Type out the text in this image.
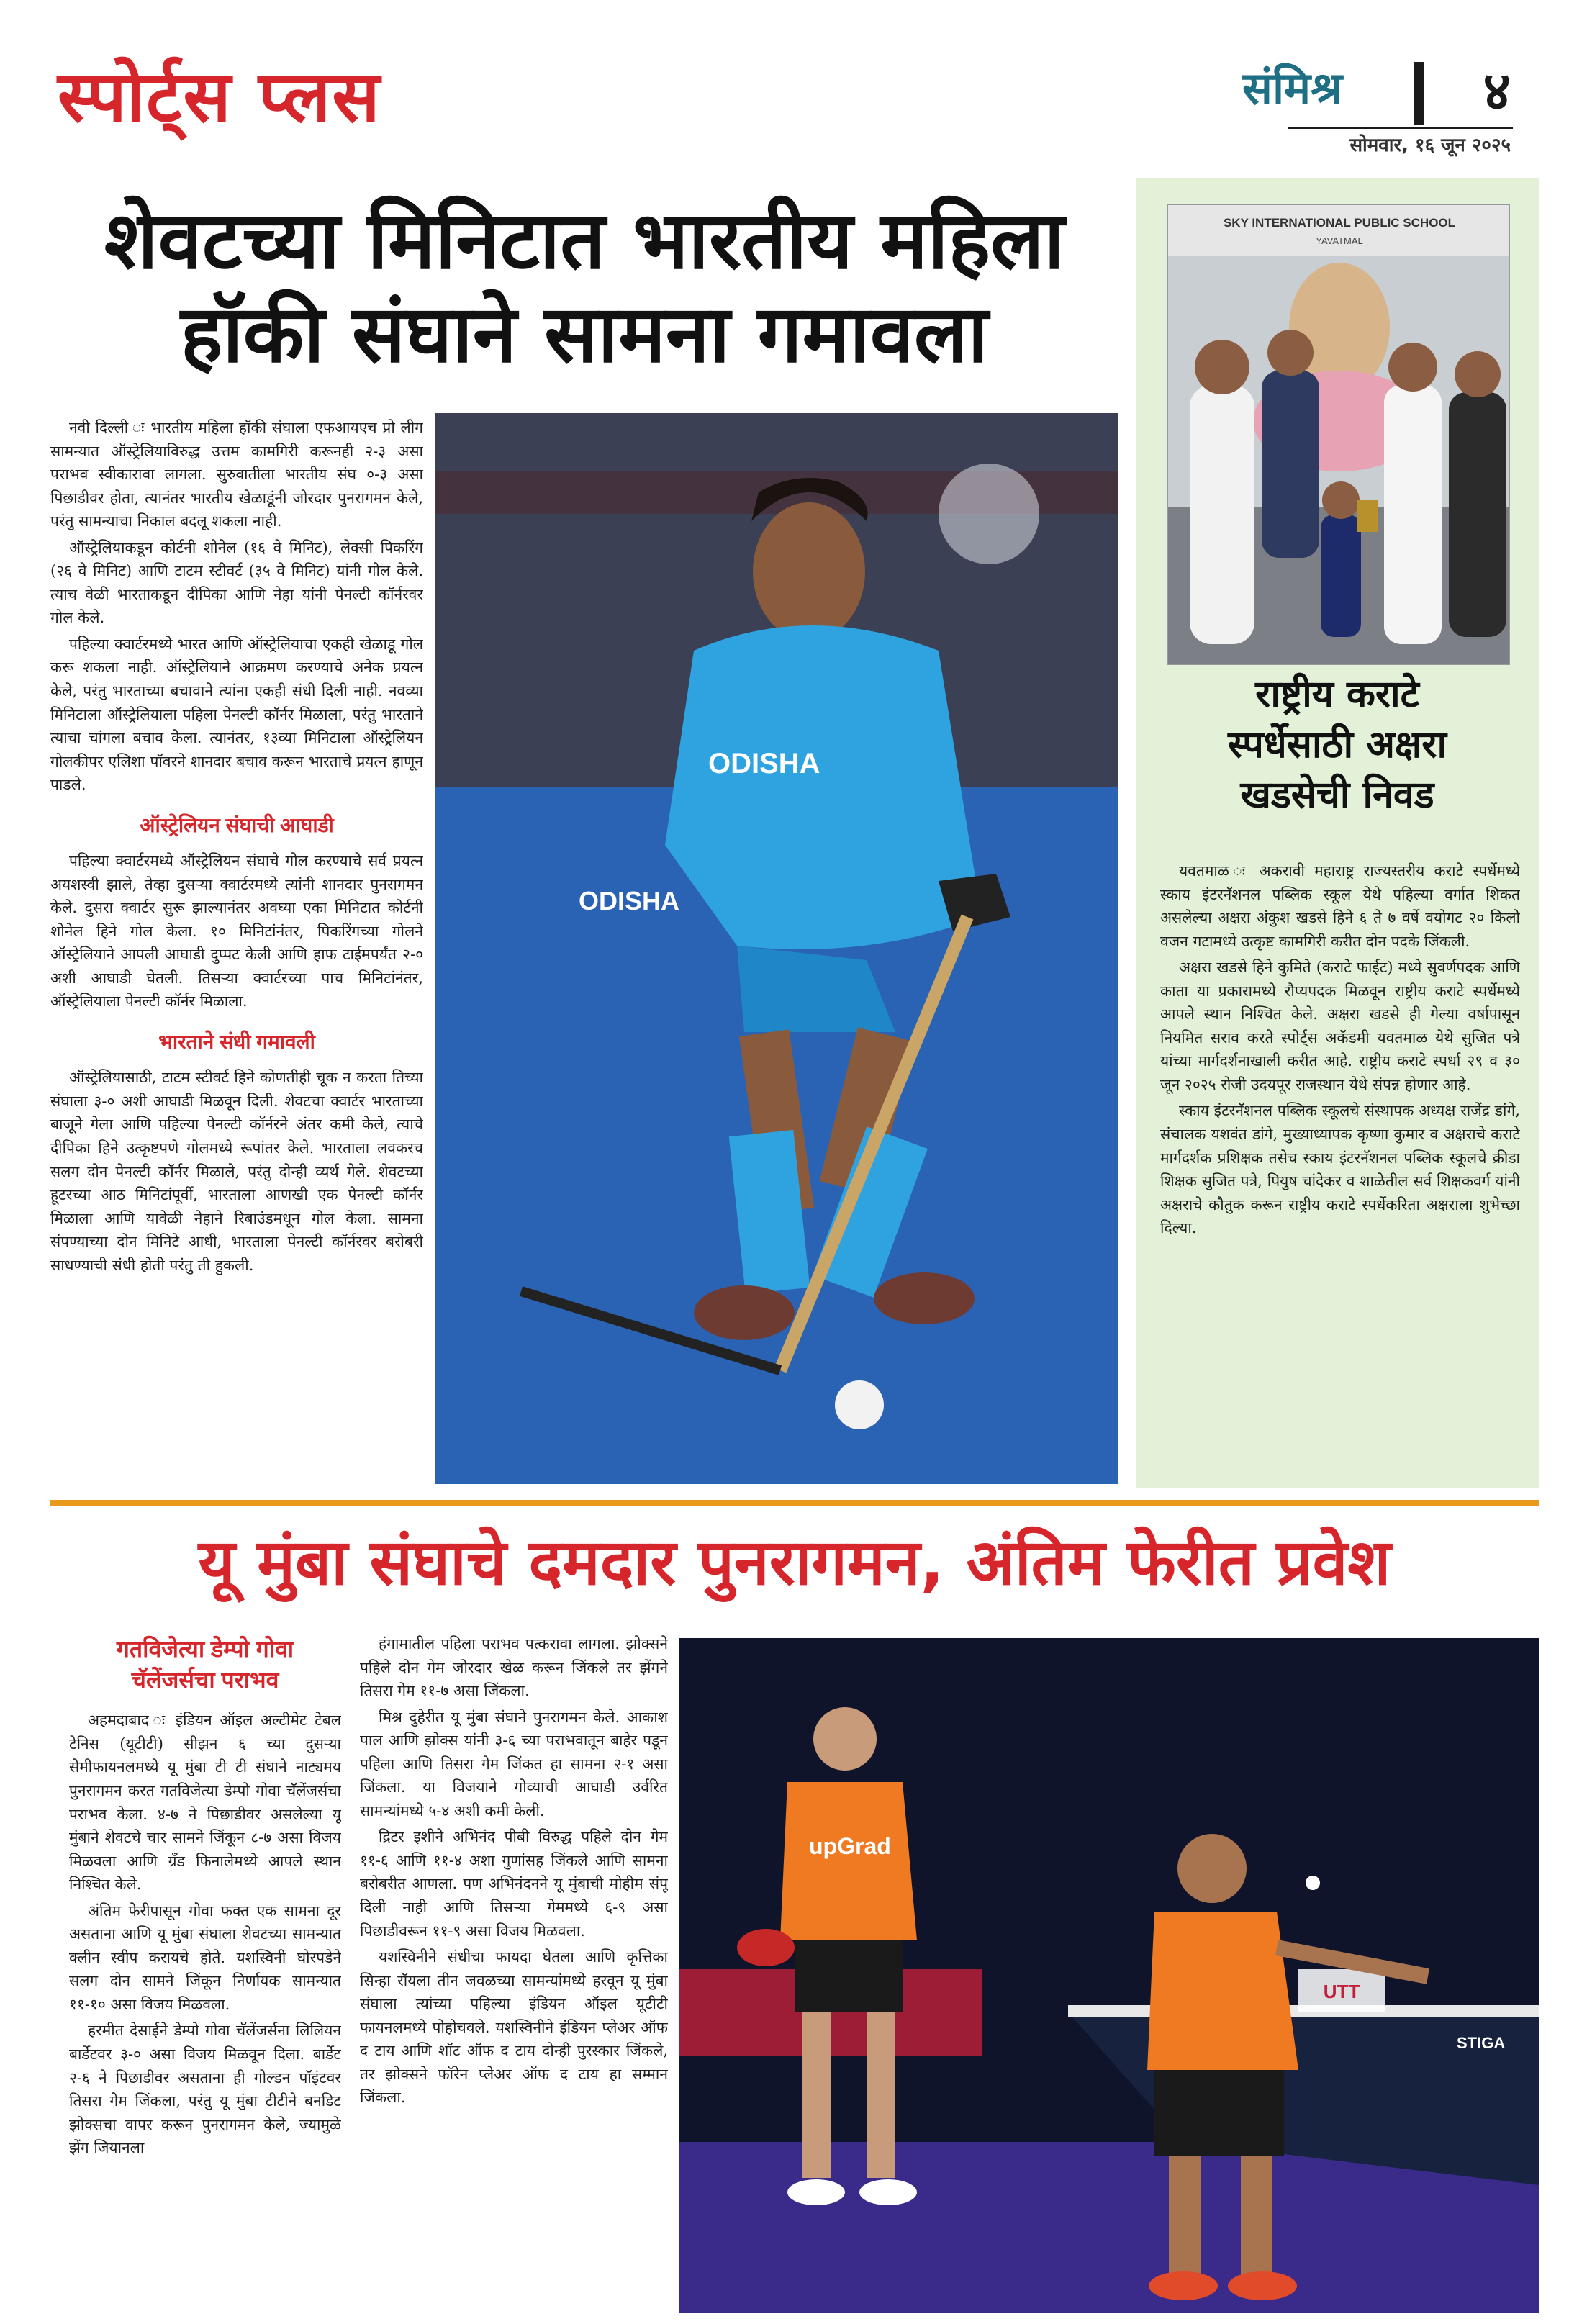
स्पोर्ट्स प्लस	संमिश्र	४
सोमवार, १६ जून २०२५
शेवटच्या मिनिटात भारतीय महिला
हॉकी संघाने सामना गमावला

नवी दिल्ली ः भारतीय महिला हॉकी संघाला एफआयएच प्रो लीग सामन्यात ऑस्ट्रेलियाविरुद्ध उत्तम कामगिरी करूनही २-३ असा पराभव स्वीकारावा लागला. सुरुवातीला भारतीय संघ ०-३ असा पिछाडीवर होता, त्यानंतर भारतीय खेळाडूंनी जोरदार पुनरागमन केले, परंतु सामन्याचा निकाल बदलू शकला नाही.

ऑस्ट्रेलियाकडून कोर्टनी शोनेल (१६ वे मिनिट), लेक्सी पिकरिंग (२६ वे मिनिट) आणि टाटम स्टीवर्ट (३५ वे मिनिट) यांनी गोल केले. त्याच वेळी भारताकडून दीपिका आणि नेहा यांनी पेनल्टी कॉर्नरवर गोल केले.

पहिल्या क्वार्टरमध्ये भारत आणि ऑस्ट्रेलियाचा एकही खेळाडू गोल करू शकला नाही. ऑस्ट्रेलियाने आक्रमण करण्याचे अनेक प्रयत्न केले, परंतु भारताच्या बचावाने त्यांना एकही संधी दिली नाही. नवव्या मिनिटाला ऑस्ट्रेलियाला पहिला पेनल्टी कॉर्नर मिळाला, परंतु भारताने त्याचा चांगला बचाव केला. त्यानंतर, १३व्या मिनिटाला ऑस्ट्रेलियन गोलकीपर एलिशा पॉवरने शानदार बचाव करून भारताचे प्रयत्न हाणून पाडले.

ऑस्ट्रेलियन संघाची आघाडी

पहिल्या क्वार्टरमध्ये ऑस्ट्रेलियन संघाचे गोल करण्याचे सर्व प्रयत्न अयशस्वी झाले, तेव्हा दुसऱ्या क्वार्टरमध्ये त्यांनी शानदार पुनरागमन केले. दुसरा क्वार्टर सुरू झाल्यानंतर अवघ्या एका मिनिटात कोर्टनी शोनेल हिने गोल केला. १० मिनिटांनंतर, पिकरिंगच्या गोलने ऑस्ट्रेलियाने आपली आघाडी दुप्पट केली आणि हाफ टाईमपर्यंत २-० अशी आघाडी घेतली. तिसऱ्या क्वार्टरच्या पाच मिनिटांनंतर, ऑस्ट्रेलियाला पेनल्टी कॉर्नर मिळाला.

भारताने संधी गमावली

ऑस्ट्रेलियासाठी, टाटम स्टीवर्ट हिने कोणतीही चूक न करता तिच्या संघाला ३-० अशी आघाडी मिळवून दिली. शेवटचा क्वार्टर भारताच्या बाजूने गेला आणि पहिल्या पेनल्टी कॉर्नरने अंतर कमी केले, त्याचे दीपिका हिने उत्कृष्टपणे गोलमध्ये रूपांतर केले. भारताला लवकरच सलग दोन पेनल्टी कॉर्नर मिळाले, परंतु दोन्ही व्यर्थ गेले. शेवटच्या हूटरच्या आठ मिनिटांपूर्वी, भारताला आणखी एक पेनल्टी कॉर्नर मिळाला आणि यावेळी नेहाने रिबाउंडमधून गोल केला. सामना संपण्याच्या दोन मिनिटे आधी, भारताला पेनल्टी कॉर्नरवर बरोबरी साधण्याची संधी होती परंतु ती हुकली.

ODISHA
ODISHA
SKY INTERNATIONAL PUBLIC SCHOOL
YAVATMAL
राष्ट्रीय कराटे
स्पर्धेसाठी अक्षरा
खडसेची निवड

यवतमाळ ः अकरावी महाराष्ट्र राज्यस्तरीय कराटे स्पर्धेमध्ये स्काय इंटरनॅशनल पब्लिक स्कूल येथे पहिल्या वर्गात शिकत असलेल्या अक्षरा अंकुश खडसे हिने ६ ते ७ वर्षे वयोगट २० किलो वजन गटामध्ये उत्कृष्ट कामगिरी करीत दोन पदके जिंकली.

अक्षरा खडसे हिने कुमिते (कराटे फाईट) मध्ये सुवर्णपदक आणि काता या प्रकारामध्ये रौप्यपदक मिळवून राष्ट्रीय कराटे स्पर्धेमध्ये आपले स्थान निश्चित केले. अक्षरा खडसे ही गेल्या वर्षापासून नियमित सराव करते स्पोर्ट्स अकॅडमी यवतमाळ येथे सुजित पत्रे यांच्या मार्गदर्शनाखाली करीत आहे. राष्ट्रीय कराटे स्पर्धा २९ व ३० जून २०२५ रोजी उदयपूर राजस्थान येथे संपन्न होणार आहे.

स्काय इंटरनॅशनल पब्लिक स्कूलचे संस्थापक अध्यक्ष राजेंद्र डांगे, संचालक यशवंत डांगे, मुख्याध्यापक कृष्णा कुमार व अक्षराचे कराटे मार्गदर्शक प्रशिक्षक तसेच स्काय इंटरनॅशनल पब्लिक स्कूलचे क्रीडा शिक्षक सुजित पत्रे, पियुष चांदेकर व शाळेतील सर्व शिक्षकवर्ग यांनी अक्षराचे कौतुक करून राष्ट्रीय कराटे स्पर्धेकरिता अक्षराला शुभेच्छा दिल्या.

यू मुंबा संघाचे दमदार पुनरागमन, अंतिम फेरीत प्रवेश
गतविजेत्या डेम्पो गोवा
चॅलेंजर्सचा पराभव

अहमदाबाद ः इंडियन ऑइल अल्टीमेट टेबल टेनिस (यूटीटी) सीझन ६ च्या दुसऱ्या सेमीफायनलमध्ये यू मुंबा टी टी संघाने नाट्यमय पुनरागमन करत गतविजेत्या डेम्पो गोवा चॅलेंजर्सचा पराभव केला. ४-७ ने पिछाडीवर असलेल्या यू मुंबाने शेवटचे चार सामने जिंकून ८-७ असा विजय मिळवला आणि ग्रँड फिनालेमध्ये आपले स्थान निश्चित केले.

अंतिम फेरीपासून गोवा फक्त एक सामना दूर असताना आणि यू मुंबा संघाला शेवटच्या सामन्यात क्लीन स्वीप करायचे होते. यशस्विनी घोरपडेने सलग दोन सामने जिंकून निर्णायक सामन्यात ११-१० असा विजय मिळवला.

हरमीत देसाईने डेम्पो गोवा चॅलेंजर्सना लिलियन बार्डेटवर ३-० असा विजय मिळवून दिला. बार्डेट २-६ ने पिछाडीवर असताना ही गोल्डन पॉइंटवर तिसरा गेम जिंकला, परंतु यू मुंबा टीटीने बनडिट झोक्सचा वापर करून पुनरागमन केले, ज्यामुळे झेंग जियानला

हंगामातील पहिला पराभव पत्करावा लागला. झोक्सने पहिले दोन गेम जोरदार खेळ करून जिंकले तर झेंगने तिसरा गेम ११-७ असा जिंकला.

मिश्र दुहेरीत यू मुंबा संघाने पुनरागमन केले. आकाश पाल आणि झोक्स यांनी ३-६ च्या पराभवातून बाहेर पडून पहिला आणि तिसरा गेम जिंकत हा सामना २-१ असा जिंकला. या विजयाने गोव्याची आघाडी उर्वरित सामन्यांमध्ये ५-४ अशी कमी केली.

द्रिटर इशीने अभिनंद पीबी विरुद्ध पहिले दोन गेम ११-६ आणि ११-४ अशा गुणांसह जिंकले आणि सामना बरोबरीत आणला. पण अभिनंदनने यू मुंबाची मोहीम संपू दिली नाही आणि तिसऱ्या गेममध्ये ६-९ असा पिछाडीवरून ११-९ असा विजय मिळवला.

यशस्विनीने संधीचा फायदा घेतला आणि कृत्तिका सिन्हा रॉयला तीन जवळच्या सामन्यांमध्ये हरवून यू मुंबा संघाला त्यांच्या पहिल्या इंडियन ऑइल यूटीटी फायनलमध्ये पोहोचवले. यशस्विनीने इंडियन प्लेअर ऑफ द टाय आणि शॉट ऑफ द टाय दोन्ही पुरस्कार जिंकले, तर झोक्सने फॉरेन प्लेअर ऑफ द टाय हा सम्मान जिंकला.

UTT
STIGA
upGrad
